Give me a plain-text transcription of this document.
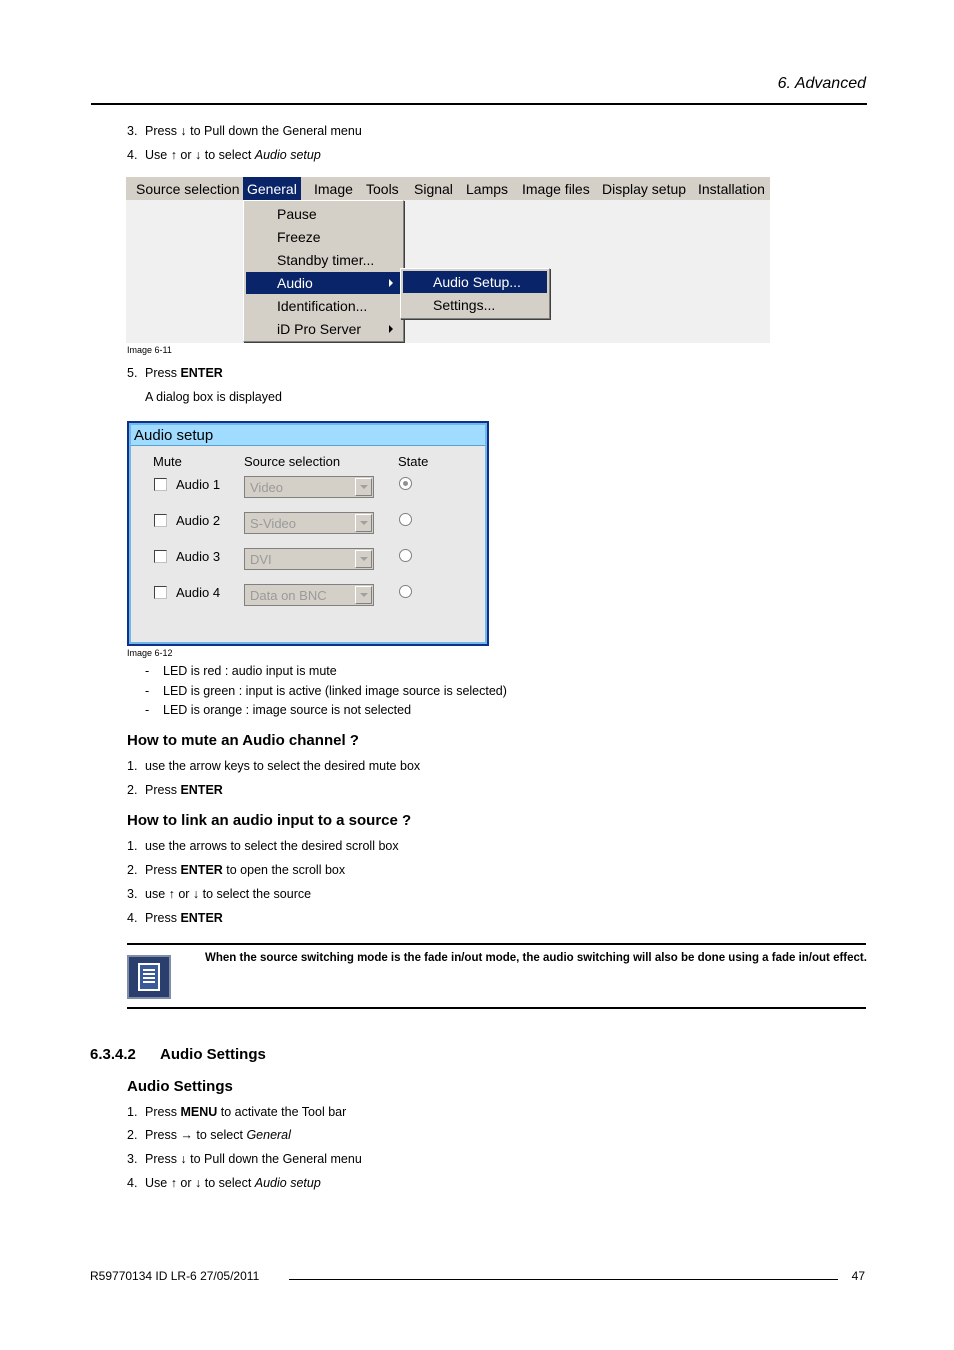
6. Advanced
3. Press ↓ to Pull down the General menu
4. Use ↑ or ↓ to select Audio setup
Source selection General Image Tools Signal Lamps Image files Display setup Installation
Pause
Freeze
Standby timer...
Audio
Identification...
iD Pro Server
Audio Setup...
Settings...
Image 6-11
5. Press ENTER
A dialog box is displayed
Audio setup
Mute	Source selection	State
Audio 1 Video
Audio 2 S-Video
Audio 3 DVI
Audio 4 Data on BNC
Image 6-12
- LED is red : audio input is mute
- LED is green : input is active (linked image source is selected)
- LED is orange : image source is not selected
How to mute an Audio channel ?
1. use the arrow keys to select the desired mute box
2. Press ENTER
How to link an audio input to a source ?
1. use the arrows to select the desired scroll box
2. Press ENTER to open the scroll box
3. use ↑ or ↓ to select the source
4. Press ENTER
When the source switching mode is the fade in/out mode, the audio switching will also be done using a fade in/out effect.
6.3.4.2 Audio Settings
Audio Settings
1. Press MENU to activate the Tool bar
2. Press → to select General
3. Press ↓ to Pull down the General menu
4. Use ↑ or ↓ to select Audio setup
R59770134 ID LR-6 27/05/2011	47
